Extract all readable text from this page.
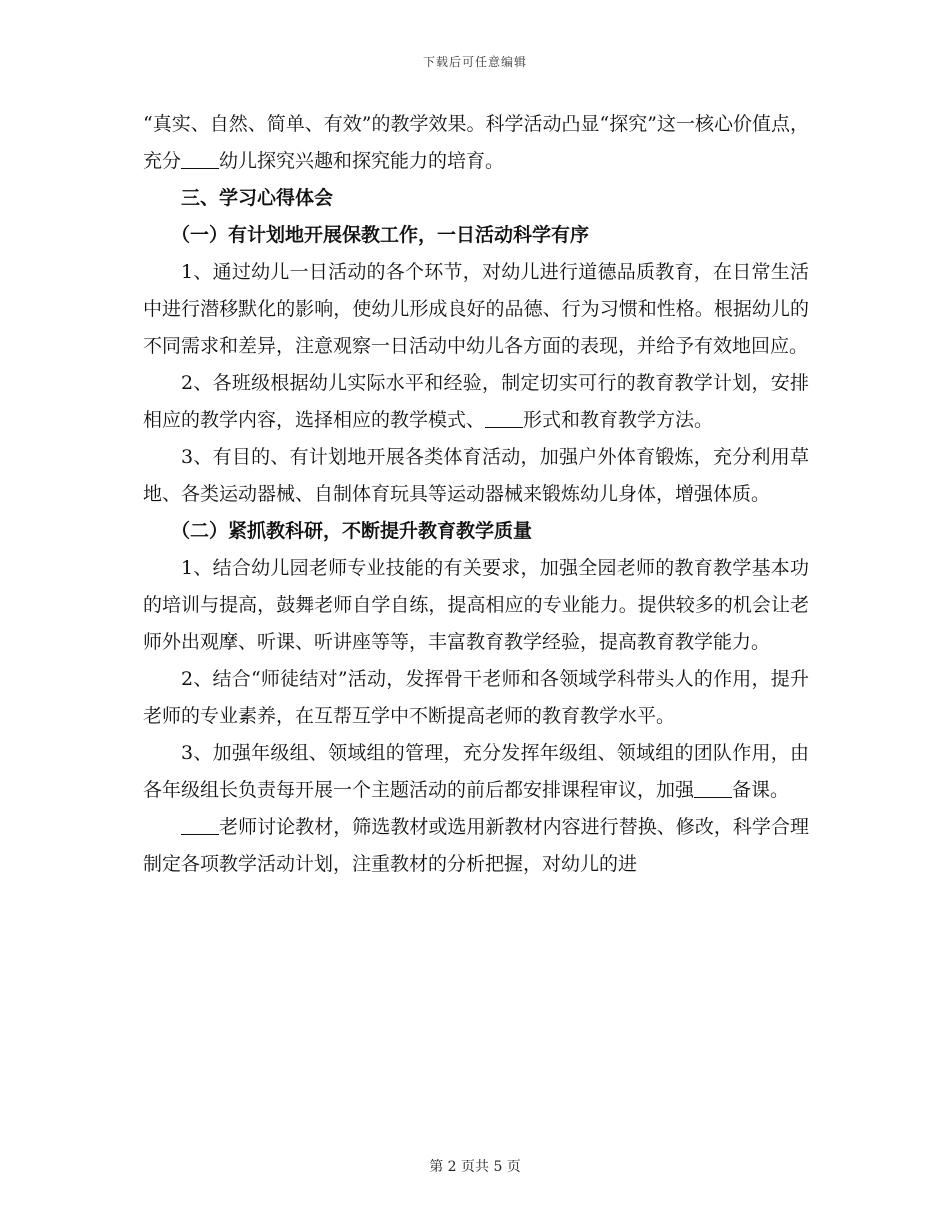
下载后可任意编辑

“真实、自然、简单、有效”的教学效果。科学活动凸显“探究”这一核心价值点，充分 幼儿探究兴趣和探究能力的培育。

三、学习心得体会

（一）有计划地开展保教工作，一日活动科学有序

1、通过幼儿一日活动的各个环节，对幼儿进行道德品质教育，在日常生活中进行潜移默化的影响，使幼儿形成良好的品德、行为习惯和性格。根据幼儿的不同需求和差异，注意观察一日活动中幼儿各方面的表现，并给予有效地回应。

2、各班级根据幼儿实际水平和经验，制定切实可行的教育教学计划，安排相应的教学内容，选择相应的教学模式、 形式和教育教学方法。

3、有目的、有计划地开展各类体育活动，加强户外体育锻炼，充分利用草地、各类运动器械、自制体育玩具等运动器械来锻炼幼儿身体，增强体质。

（二）紧抓教科研，不断提升教育教学质量

1、结合幼儿园老师专业技能的有关要求，加强全园老师的教育教学基本功的培训与提高，鼓舞老师自学自练，提高相应的专业能力。提供较多的机会让老师外出观摩、听课、听讲座等等，丰富教育教学经验，提高教育教学能力。

2、结合“师徒结对”活动，发挥骨干老师和各领域学科带头人的作用，提升老师的专业素养，在互帮互学中不断提高老师的教育教学水平。

3、加强年级组、领域组的管理，充分发挥年级组、领域组的团队作用，由各年级组长负责每开展一个主题活动的前后都安排课程审议，加强 备课。

老师讨论教材，筛选教材或选用新教材内容进行替换、修改，科学合理制定各项教学活动计划，注重教材的分析把握，对幼儿的进

第 2 页共 5 页
